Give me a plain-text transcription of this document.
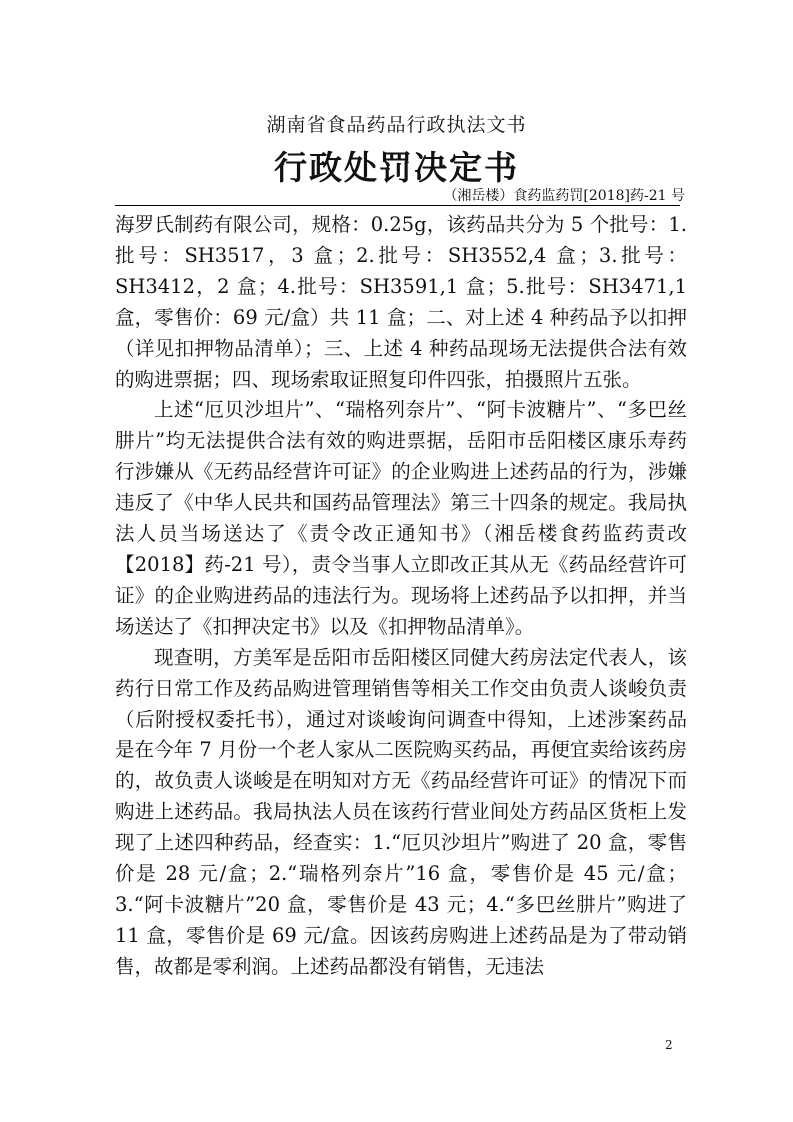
湖南省食品药品行政执法文书
行政处罚决定书
（湘岳楼）食药监药罚[2018]药-21 号

海罗氏制药有限公司，规格：0.25g，该药品共分为 5 个批号：1.批号：SH3517，3 盒；2.批号：SH3552,4 盒；3.批号：SH3412，2 盒；4.批号：SH3591,1 盒；5.批号：SH3471,1 盒，零售价：69 元/盒）共 11 盒；二、对上述 4 种药品予以扣押（详见扣押物品清单）；三、上述 4 种药品现场无法提供合法有效的购进票据；四、现场索取证照复印件四张，拍摄照片五张。

上述“厄贝沙坦片”、“瑞格列奈片”、“阿卡波糖片”、“多巴丝肼片”均无法提供合法有效的购进票据，岳阳市岳阳楼区康乐寿药行涉嫌从《无药品经营许可证》的企业购进上述药品的行为，涉嫌违反了《中华人民共和国药品管理法》第三十四条的规定。我局执法人员当场送达了《责令改正通知书》（湘岳楼食药监药责改【2018】药-21 号），责令当事人立即改正其从无《药品经营许可证》的企业购进药品的违法行为。现场将上述药品予以扣押，并当场送达了《扣押决定书》以及《扣押物品清单》。

现查明，方美军是岳阳市岳阳楼区同健大药房法定代表人，该药行日常工作及药品购进管理销售等相关工作交由负责人谈峻负责（后附授权委托书），通过对谈峻询问调查中得知，上述涉案药品是在今年 7 月份一个老人家从二医院购买药品，再便宜卖给该药房的，故负责人谈峻是在明知对方无《药品经营许可证》的情况下而购进上述药品。我局执法人员在该药行营业间处方药品区货柜上发现了上述四种药品，经查实：1.“厄贝沙坦片”购进了 20 盒，零售价是 28 元/盒；2.“瑞格列奈片”16 盒，零售价是 45 元/盒；3.“阿卡波糖片”20 盒，零售价是 43 元；4.“多巴丝肼片”购进了 11 盒，零售价是 69 元/盒。因该药房购进上述药品是为了带动销售，故都是零利润。上述药品都没有销售，无违法

2
